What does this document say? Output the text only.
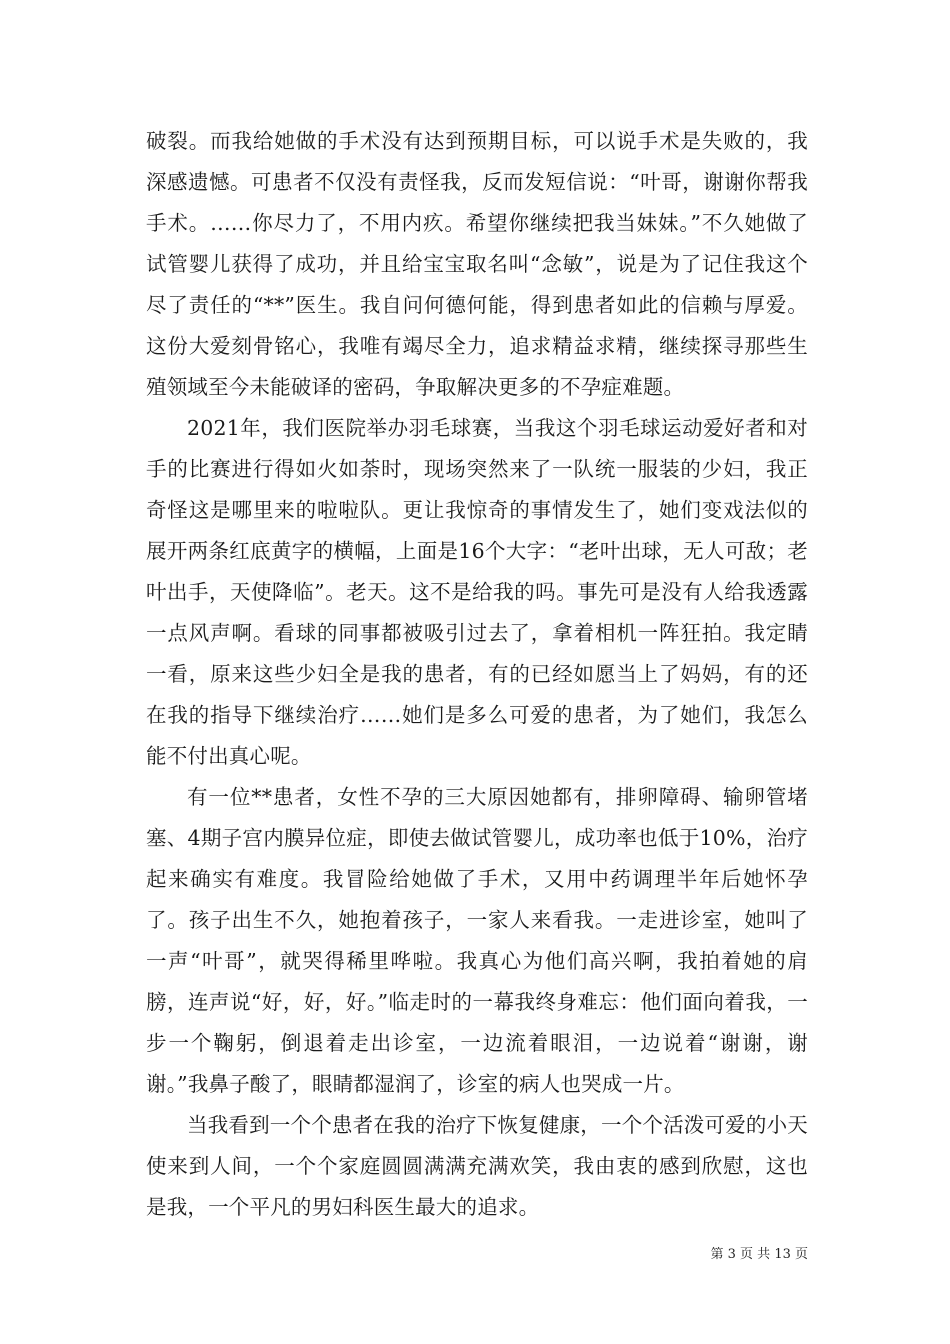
破裂。而我给她做的手术没有达到预期目标，可以说手术是失败的，我深感遗憾。可患者不仅没有责怪我，反而发短信说：“叶哥，谢谢你帮我手术。……你尽力了，不用内疚。希望你继续把我当妹妹。”不久她做了试管婴儿获得了成功，并且给宝宝取名叫“念敏”，说是为了记住我这个尽了责任的“**”医生。我自问何德何能，得到患者如此的信赖与厚爱。这份大爱刻骨铭心，我唯有竭尽全力，追求精益求精，继续探寻那些生殖领域至今未能破译的密码，争取解决更多的不孕症难题。

2021年，我们医院举办羽毛球赛，当我这个羽毛球运动爱好者和对手的比赛进行得如火如荼时，现场突然来了一队统一服装的少妇，我正奇怪这是哪里来的啦啦队。更让我惊奇的事情发生了，她们变戏法似的展开两条红底黄字的横幅，上面是16个大字：“老叶出球，无人可敌；老叶出手，天使降临”。老天。这不是给我的吗。事先可是没有人给我透露一点风声啊。看球的同事都被吸引过去了，拿着相机一阵狂拍。我定睛一看，原来这些少妇全是我的患者，有的已经如愿当上了妈妈，有的还在我的指导下继续治疗……她们是多么可爱的患者，为了她们，我怎么能不付出真心呢。

有一位**患者，女性不孕的三大原因她都有，排卵障碍、输卵管堵塞、4期子宫内膜异位症，即使去做试管婴儿，成功率也低于10%，治疗起来确实有难度。我冒险给她做了手术，又用中药调理半年后她怀孕了。孩子出生不久，她抱着孩子，一家人来看我。一走进诊室，她叫了一声“叶哥”，就哭得稀里哗啦。我真心为他们高兴啊，我拍着她的肩膀，连声说“好，好，好。”临走时的一幕我终身难忘：他们面向着我，一步一个鞠躬，倒退着走出诊室，一边流着眼泪，一边说着“谢谢，谢谢。”我鼻子酸了，眼睛都湿润了，诊室的病人也哭成一片。

当我看到一个个患者在我的治疗下恢复健康，一个个活泼可爱的小天使来到人间，一个个家庭圆圆满满充满欢笑，我由衷的感到欣慰，这也是我，一个平凡的男妇科医生最大的追求。

第 3 页 共 13 页
